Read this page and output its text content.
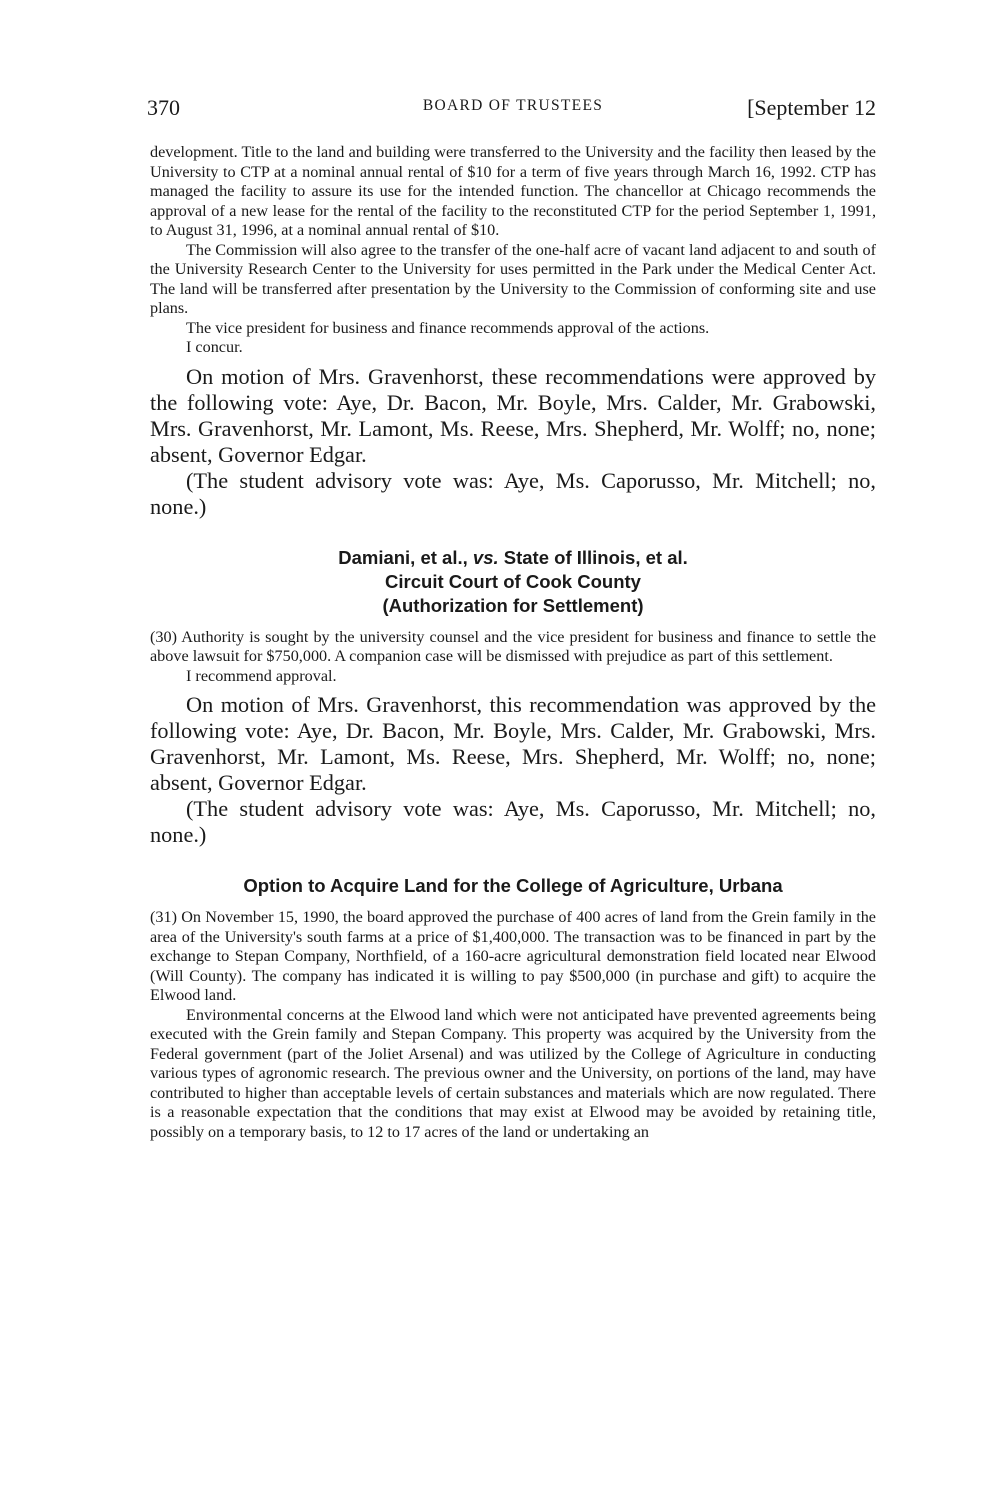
370	BOARD OF TRUSTEES	[September 12

development. Title to the land and building were transferred to the University and the facility then leased by the University to CTP at a nominal annual rental of $10 for a term of five years through March 16, 1992. CTP has managed the facility to assure its use for the intended function. The chancellor at Chicago recommends the approval of a new lease for the rental of the facility to the reconstituted CTP for the period September 1, 1991, to August 31, 1996, at a nominal annual rental of $10.

The Commission will also agree to the transfer of the one-half acre of vacant land adjacent to and south of the University Research Center to the University for uses permitted in the Park under the Medical Center Act. The land will be transferred after presentation by the University to the Commission of conforming site and use plans.

The vice president for business and finance recommends approval of the actions.

I concur.

On motion of Mrs. Gravenhorst, these recommendations were approved by the following vote: Aye, Dr. Bacon, Mr. Boyle, Mrs. Calder, Mr. Grabowski, Mrs. Gravenhorst, Mr. Lamont, Ms. Reese, Mrs. Shepherd, Mr. Wolff; no, none; absent, Governor Edgar.

(The student advisory vote was: Aye, Ms. Caporusso, Mr. Mitchell; no, none.)

Damiani, et al., vs. State of Illinois, et al.
Circuit Court of Cook County
(Authorization for Settlement)

(30) Authority is sought by the university counsel and the vice president for business and finance to settle the above lawsuit for $750,000. A companion case will be dismissed with prejudice as part of this settlement.

I recommend approval.

On motion of Mrs. Gravenhorst, this recommendation was approved by the following vote: Aye, Dr. Bacon, Mr. Boyle, Mrs. Calder, Mr. Grabowski, Mrs. Gravenhorst, Mr. Lamont, Ms. Reese, Mrs. Shepherd, Mr. Wolff; no, none; absent, Governor Edgar.

(The student advisory vote was: Aye, Ms. Caporusso, Mr. Mitchell; no, none.)

Option to Acquire Land for the College of Agriculture, Urbana

(31) On November 15, 1990, the board approved the purchase of 400 acres of land from the Grein family in the area of the University's south farms at a price of $1,400,000. The transaction was to be financed in part by the exchange to Stepan Company, Northfield, of a 160-acre agricultural demonstration field located near Elwood (Will County). The company has indicated it is willing to pay $500,000 (in purchase and gift) to acquire the Elwood land.

Environmental concerns at the Elwood land which were not anticipated have prevented agreements being executed with the Grein family and Stepan Company. This property was acquired by the University from the Federal government (part of the Joliet Arsenal) and was utilized by the College of Agriculture in conducting various types of agronomic research. The previous owner and the University, on portions of the land, may have contributed to higher than acceptable levels of certain substances and materials which are now regulated. There is a reasonable expectation that the conditions that may exist at Elwood may be avoided by retaining title, possibly on a temporary basis, to 12 to 17 acres of the land or undertaking an
